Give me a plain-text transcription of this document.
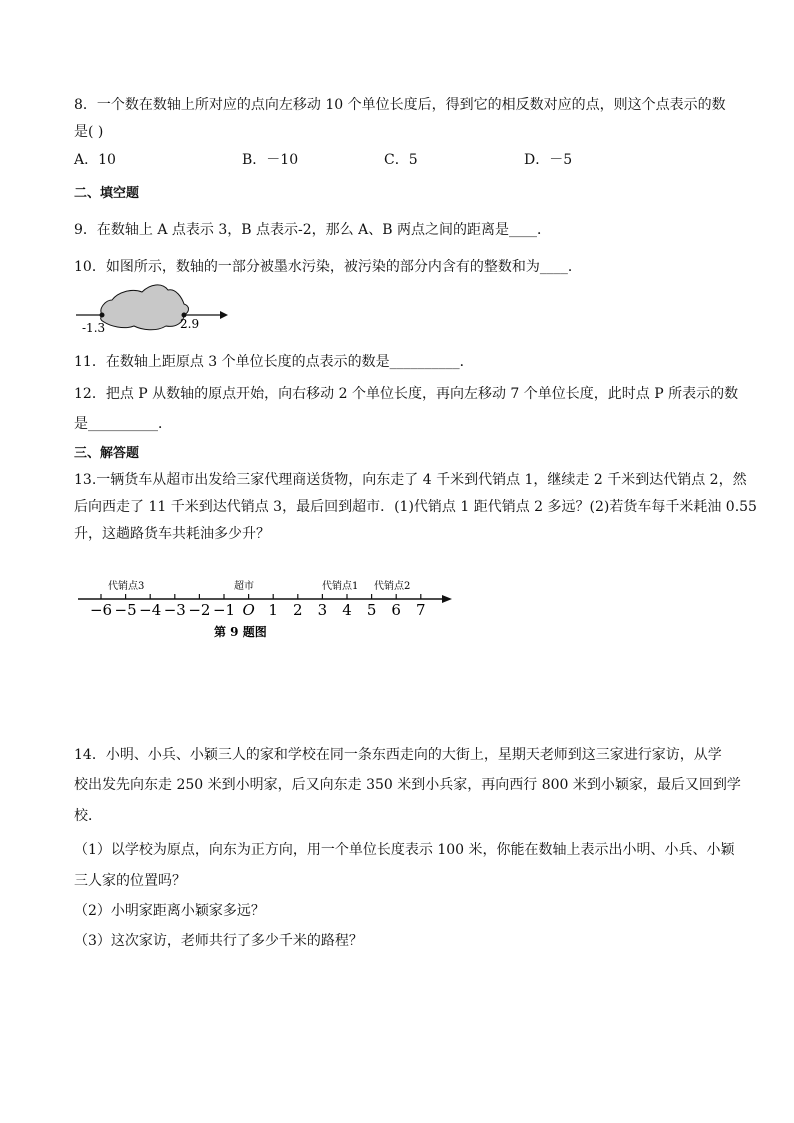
8．一个数在数轴上所对应的点向左移动 10 个单位长度后，得到它的相反数对应的点，则这个点表示的数
是( )
A．10	B．－10	C．5	D．－5
二、填空题
9．在数轴上 A 点表示 3，B 点表示-2，那么 A、B 两点之间的距离是____．
10．如图所示，数轴的一部分被墨水污染，被污染的部分内含有的整数和为____．
-1.3	2.9
11．在数轴上距原点 3 个单位长度的点表示的数是__________．
12．把点 P 从数轴的原点开始，向右移动 2 个单位长度，再向左移动 7 个单位长度，此时点 P 所表示的数
是__________．
三、解答题
13.一辆货车从超市出发给三家代理商送货物，向东走了 4 千米到代销点 1，继续走 2 千米到达代销点 2，然
后向西走了 11 千米到达代销点 3，最后回到超市．(1)代销点 1 距代销点 2 多远？(2)若货车每千米耗油 0.55
升，这趟路货车共耗油多少升？
−6 −5 −4 −3 −2 −1 O 1 2 3 4 5 6 7
代销点3	超市	代销点1 代销点2
第 9 题图
14．小明、小兵、小颖三人的家和学校在同一条东西走向的大街上，星期天老师到这三家进行家访，从学
校出发先向东走 250 米到小明家，后又向东走 350 米到小兵家，再向西行 800 米到小颖家，最后又回到学
校．
（1）以学校为原点，向东为正方向，用一个单位长度表示 100 米，你能在数轴上表示出小明、小兵、小颖
三人家的位置吗？
（2）小明家距离小颖家多远？
（3）这次家访，老师共行了多少千米的路程？
